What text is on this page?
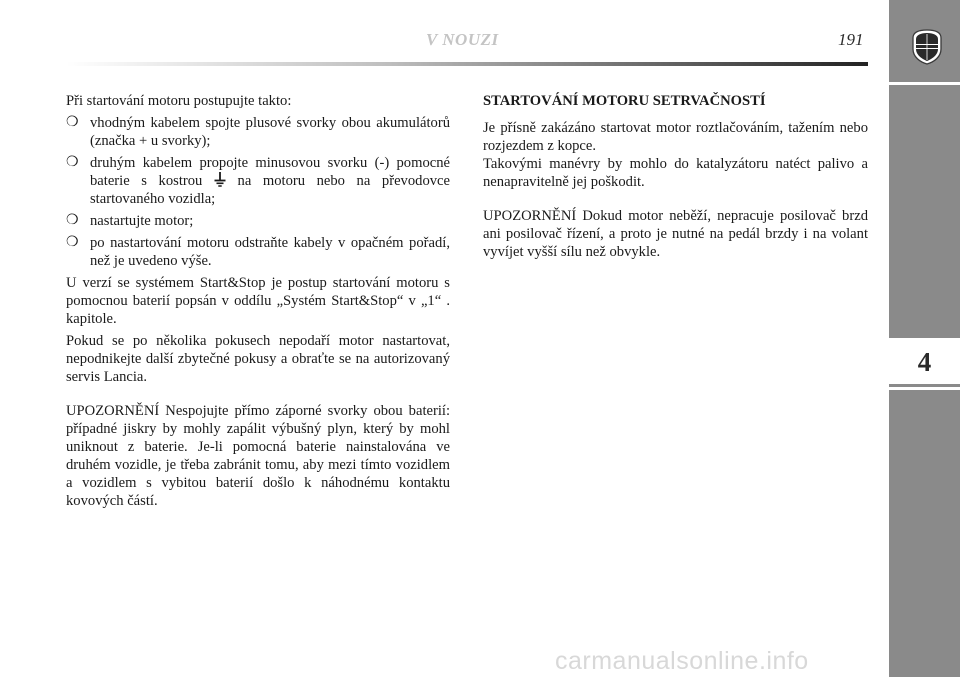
V NOUZI	191
4

Při startování motoru postupujte takto:

❍ vhodným kabelem spojte plusové svorky obou akumulátorů (značka + u svorky);

❍ druhým kabelem propojte minusovou svorku (-) pomocné baterie s kostrou na motoru nebo na převodovce startovaného vozidla;

❍ nastartujte motor;

❍ po nastartování motoru odstraňte kabely v opačném pořadí, než je uvedeno výše.

U verzí se systémem Start&Stop je postup startování motoru s pomocnou baterií popsán v oddílu „Systém Start&Stop“ v „1“ . kapitole.

Pokud se po několika pokusech nepodaří motor nastartovat, nepodnikejte další zbytečné pokusy a obraťte se na autorizovaný servis Lancia.

UPOZORNĚNÍ Nespojujte přímo záporné svorky obou baterií: případné jiskry by mohly zapálit výbušný plyn, který by mohl uniknout z baterie. Je-li pomocná baterie nainstalována ve druhém vozidle, je třeba zabránit tomu, aby mezi tímto vozidlem a vozidlem s vybitou baterií došlo k náhodnému kontaktu kovových částí.

STARTOVÁNÍ MOTORU SETRVAČNOSTÍ

Je přísně zakázáno startovat motor roztlačováním, tažením nebo rozjezdem z kopce.

Takovými manévry by mohlo do katalyzátoru natéct palivo a nenapravitelně jej poškodit.

UPOZORNĚNÍ Dokud motor neběží, nepracuje posilovač brzd ani posilovač řízení, a proto je nutné na pedál brzdy i na volant vyvíjet vyšší sílu než obvykle.

carmanualsonline.info
